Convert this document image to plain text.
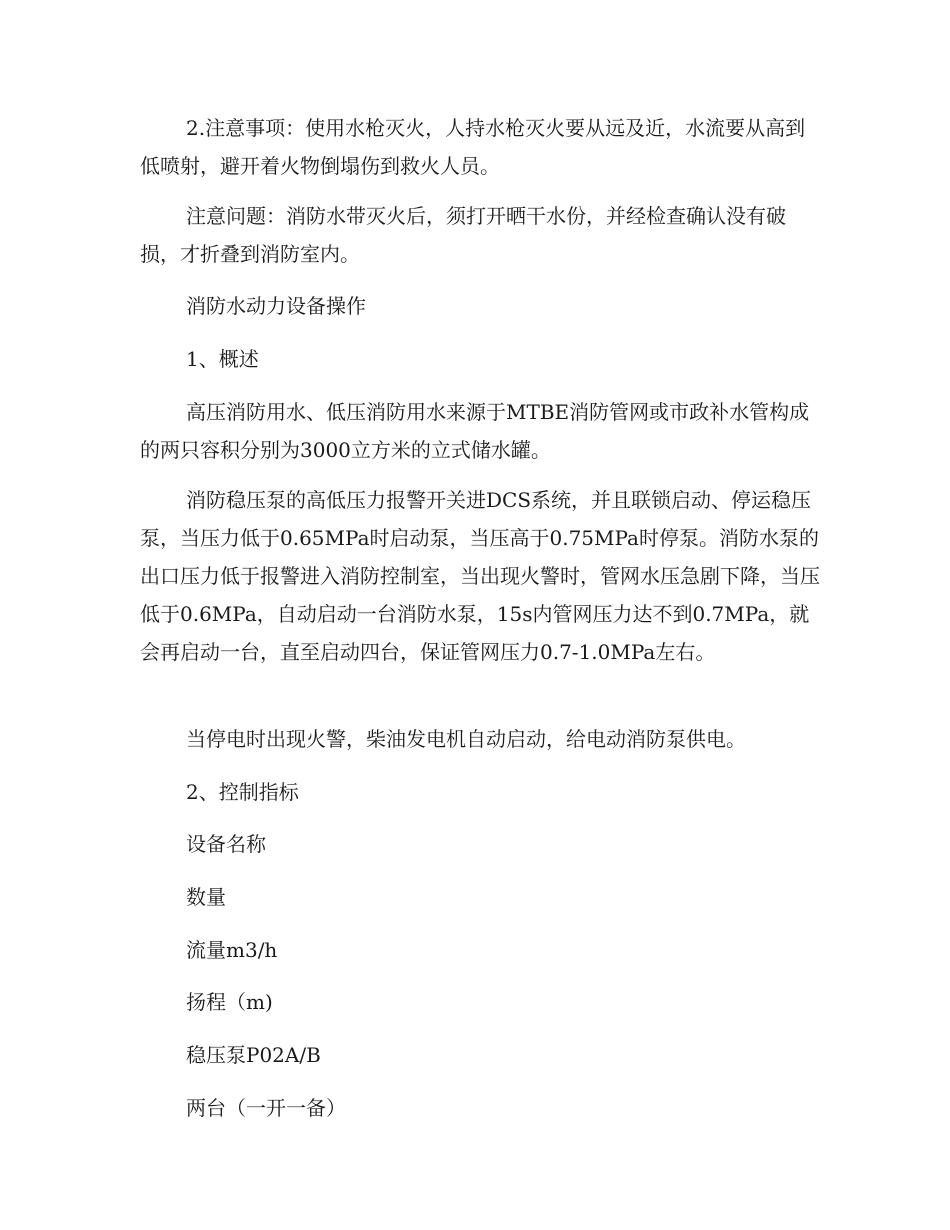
2.注意事项：使用水枪灭火，人持水枪灭火要从远及近，水流要从高到低喷射，避开着火物倒塌伤到救火人员。

注意问题：消防水带灭火后，须打开晒干水份，并经检查确认没有破损，才折叠到消防室内。

消防水动力设备操作

1、概述

高压消防用水、低压消防用水来源于MTBE消防管网或市政补水管构成的两只容积分别为3000立方米的立式储水罐。

消防稳压泵的高低压力报警开关进DCS系统，并且联锁启动、停运稳压泵，当压力低于0.65MPa时启动泵，当压高于0.75MPa时停泵。消防水泵的出口压力低于报警进入消防控制室，当出现火警时，管网水压急剧下降，当压低于0.6MPa，自动启动一台消防水泵，15s内管网压力达不到0.7MPa，就会再启动一台，直至启动四台，保证管网压力0.7-1.0MPa左右。

当停电时出现火警，柴油发电机自动启动，给电动消防泵供电。

2、控制指标

设备名称

数量

流量m3/h

扬程（m)

稳压泵P02A/B

两台（一开一备）
